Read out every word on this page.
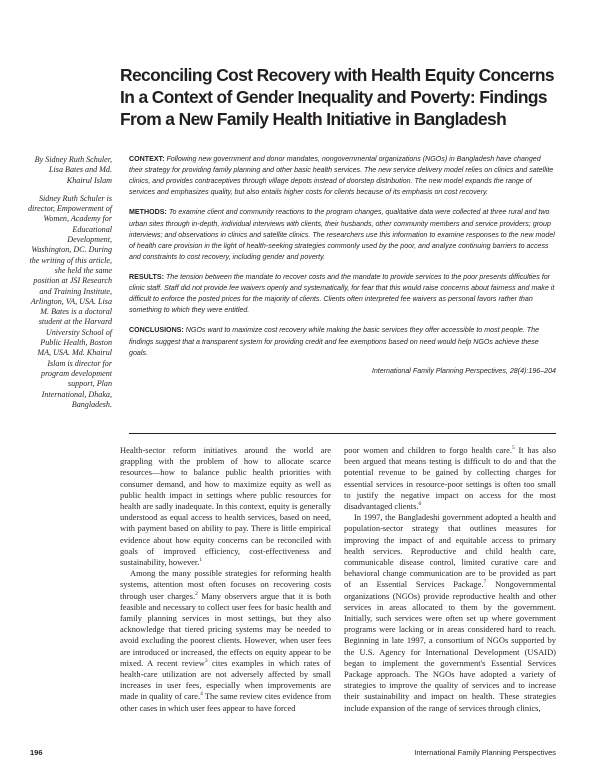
Reconciling Cost Recovery with Health Equity Concerns
In a Context of Gender Inequality and Poverty: Findings
From a New Family Health Initiative in Bangladesh
By Sidney Ruth Schuler, Lisa Bates and Md. Khairul Islam
Sidney Ruth Schuler is director, Empowerment of Women, Academy for Educational Development, Washington, DC. During the writing of this article, she held the same position at JSI Research and Training Institute, Arlington, VA, USA. Lisa M. Bates is a doctoral student at the Harvard University School of Public Health, Boston MA, USA. Md. Khairul Islam is director for program development support, Plan International, Dhaka, Bangladesh.

CONTEXT: Following new government and donor mandates, nongovernmental organizations (NGOs) in Bangladesh have changed their strategy for providing family planning and other basic health services. The new service delivery model relies on clinics and satellite clinics, and provides contraceptives through village depots instead of doorstep distribution. The new model expands the range of services and emphasizes quality, but also entails higher costs for clients because of its emphasis on cost recovery.

METHODS: To examine client and community reactions to the program changes, qualitative data were collected at three rural and two urban sites through in-depth, individual interviews with clients, their husbands, other community members and service providers; group interviews; and observations in clinics and satellite clinics. The researchers use this information to examine responses to the new model of health care provision in the light of health-seeking strategies commonly used by the poor, and analyze continuing barriers to access and constraints to cost recovery, including gender and poverty.

RESULTS: The tension between the mandate to recover costs and the mandate to provide services to the poor presents difficulties for clinic staff. Staff did not provide fee waivers openly and systematically, for fear that this would raise concerns about fairness and make it difficult to enforce the posted prices for the majority of clients. Clients often interpreted fee waivers as personal favors rather than something to which they were entitled.

CONCLUSIONS: NGOs want to maximize cost recovery while making the basic services they offer accessible to most people. The findings suggest that a transparent system for providing credit and fee exemptions based on need would help NGOs achieve these goals.

International Family Planning Perspectives, 28(4):196–204

Health-sector reform initiatives around the world are grappling with the problem of how to allocate scarce resources—how to balance public health priorities with consumer demand, and how to maximize equity as well as public health impact in settings where public resources for health are sadly inadequate. In this context, equity is generally understood as equal access to health services, based on need, with payment based on ability to pay. There is little empirical evidence about how equity concerns can be reconciled with goals of improved efficiency, cost-effectiveness and sustainability, however.$^1$

Among the many possible strategies for reforming health systems, attention most often focuses on recovering costs through user charges.$^2$ Many observers argue that it is both feasible and necessary to collect user fees for basic health and family planning services in most settings, but they also acknowledge that tiered pricing systems may be needed to avoid excluding the poorest clients. However, when user fees are introduced or increased, the effects on equity appear to be mixed. A recent review$^3$ cites examples in which rates of health-care utilization are not adversely affected by small increases in user fees, especially when improvements are made in quality of care.$^4$ The same review cites evidence from other cases in which user fees appear to have forced

poor women and children to forgo health care.$^5$ It has also been argued that means testing is difficult to do and that the potential revenue to be gained by collecting charges for essential services in resource-poor settings is often too small to justify the negative impact on access for the most disadvantaged clients.$^6$

In 1997, the Bangladeshi government adopted a health and population-sector strategy that outlines measures for improving the impact of and equitable access to primary health services. Reproductive and child health care, communicable disease control, limited curative care and behavioral change communication are to be provided as part of an Essential Services Package.$^7$ Nongovernmental organizations (NGOs) provide reproductive health and other services in areas allocated to them by the government. Initially, such services were often set up where government programs were lacking or in areas considered hard to reach. Beginning in late 1997, a consortium of NGOs supported by the U.S. Agency for International Development (USAID) began to implement the government's Essential Services Package approach. The NGOs have adopted a variety of strategies to improve the quality of services and to increase their sustainability and impact on health. These strategies include expansion of the range of services through clinics,

196	International Family Planning Perspectives
